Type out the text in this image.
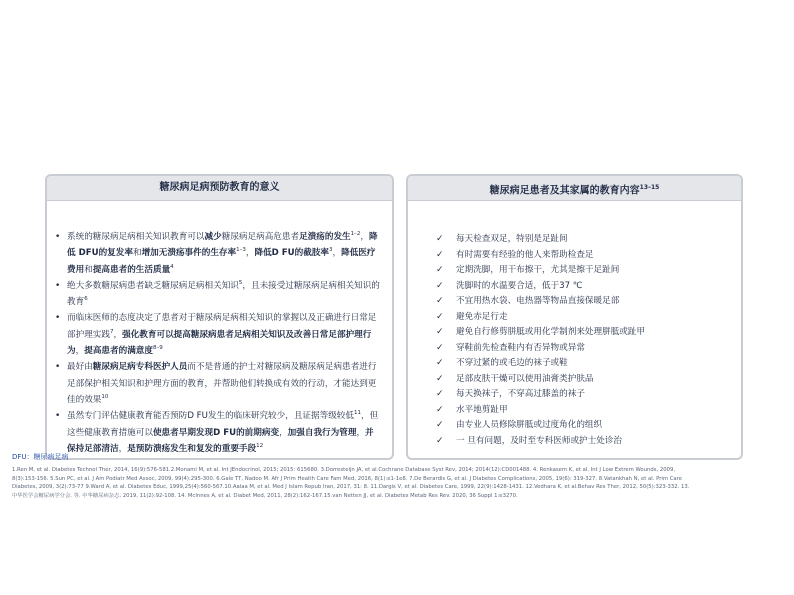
糖尿病足病预防教育的意义
• 系统的糖尿病足病相关知识教育可以减少糖尿病足病高危患者足溃疡的发生$^{1-2}$，降低 DFU的复发率和增加无溃疡事件的生存率$^{1-3}$，降低D FU的截肢率$^3$，降低医疗费用和提高患者的生活质量$^4$
• 绝大多数糖尿病患者缺乏糖尿病足病相关知识$^5$，且未接受过糖尿病足病相关知识的教育$^6$
• 而临床医师的态度决定了患者对于糖尿病足病相关知识的掌握以及正确进行日常足部护理实践$^7$，强化教育可以提高糖尿病患者足病相关知识及改善日常足部护理行为，提高患者的满意度$^{8-9}$
• 最好由糖尿病足病专科医护人员而不是普通的护士对糖尿病及糖尿病足病患者进行足部保护相关知识和护理方面的教育，并帮助他们转换成有效的行动，才能达到更佳的效果$^{10}$
• 虽然专门评估健康教育能否预防D FU发生的临床研究较少，且证据等级较低$^{11}$，但这些健康教育措施可以使患者早期发现D FU的前期病变，加强自我行为管理，并保持足部清洁，是预防溃疡发生和复发的重要手段$^{12}$
糖尿病足患者及其家属的教育内容$^{13-15}$
✓ 每天检查双足，特别是足趾间
✓ 有时需要有经验的他人来帮助检查足
✓ 定期洗脚，用干布擦干，尤其是擦干足趾间
✓ 洗脚时的水温要合适，低于37 ℃
✓ 不宜用热水袋、电热器等物品直接保暖足部
✓ 避免赤足行走
✓ 避免自行修剪胼胝或用化学制剂来处理胼胝或趾甲
✓ 穿鞋前先检查鞋内有否异物或异常
✓ 不穿过紧的或毛边的袜子或鞋
✓ 足部皮肤干燥可以使用油膏类护肤品
✓ 每天换袜子，不穿高过膝盖的袜子
✓ 水平地剪趾甲
✓ 由专业人员修除胼胝或过度角化的组织
✓ 一 旦有问题，及时至专科医师或护士处诊治
DFU：糖尿病足病
1.Ren M, et al. Diabetes Technol Ther, 2014, 16(9):576-581.2.Monami M, et al. Int JEndocrinol, 2015; 2015: 615680. 3.Dorresteijn JA, et al.Cochrane Database Syst Rev, 2014; 2014(12):CD001488. 4. Renkasem K, et al. Int J Low Extrem Wounds, 2009, 8(3):153-156. 5.Sun PC, et al. J Am Podiatr Med Assoc, 2009, 99(4):295-300. 6.Gale TT, Nadoo M. Afr J Prim Health Care Fam Med, 2016, 8(1):e1-1e8. 7.De Berardis G, et al. J Diabetes Complications, 2005, 19(6): 319-327. 8.Vatankhah N, et al. Prim Care Diabetes, 2009, 3(2):73-77 9.Ward A, et al. Diabetes Educ, 1999,25(4):560-567.10.Aalaa M, et al. Med J Islam Repub Iran, 2017, 31: 8. 11.Dargis V, et al. Diabetes Care, 1999, 22(9):1428-1431. 12.Vedhara K, et al.Behav Res Ther, 2012, 50(5):323-332. 13.中华医学会糖尿病学分会. 等. 中华糖尿病杂志, 2019, 11(2):92-108. 14. McInnes A, et al. Diabet Med, 2011, 28(2):162-167.15.van Netten JJ, et al. Diabetes Metab Res Rev. 2020, 36 Suppl 1:e3270.
